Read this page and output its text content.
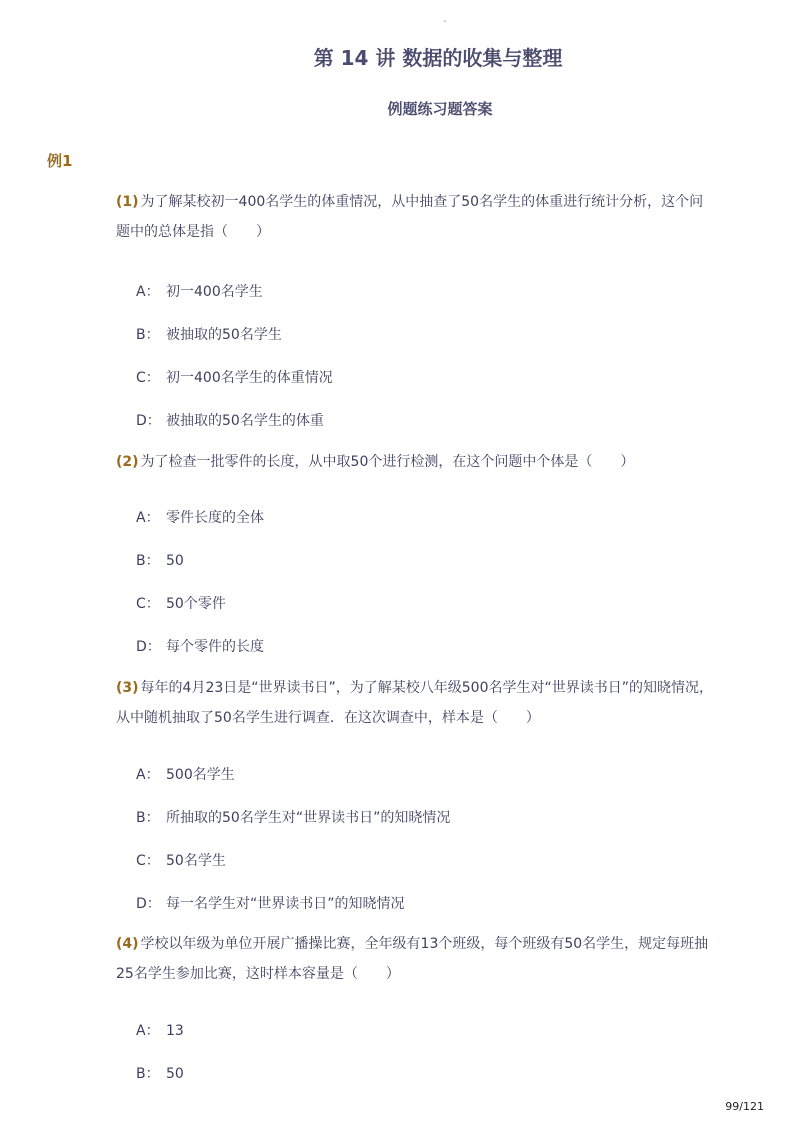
-
第 14 讲 数据的收集与整理
例题练习题答案
例1
(1) 为了解某校初一400名学生的体重情况，从中抽查了50名学生的体重进行统计分析，这个问题中的总体是指（　　）
A： 初一400名学生
B： 被抽取的50名学生
C： 初一400名学生的体重情况
D： 被抽取的50名学生的体重
(2) 为了检查一批零件的长度，从中取50个进行检测，在这个问题中个体是（　　）
A： 零件长度的全体
B： 50
C： 50个零件
D： 每个零件的长度
(3) 每年的4月23日是“世界读书日”，为了解某校八年级500名学生对“世界读书日”的知晓情况，从中随机抽取了50名学生进行调查．在这次调查中，样本是（　　）
A： 500名学生
B： 所抽取的50名学生对“世界读书日”的知晓情况
C： 50名学生
D： 每一名学生对“世界读书日”的知晓情况
(4) 学校以年级为单位开展广播操比赛，全年级有13个班级，每个班级有50名学生，规定每班抽25名学生参加比赛，这时样本容量是（　　）
A： 13
B： 50
99/121
